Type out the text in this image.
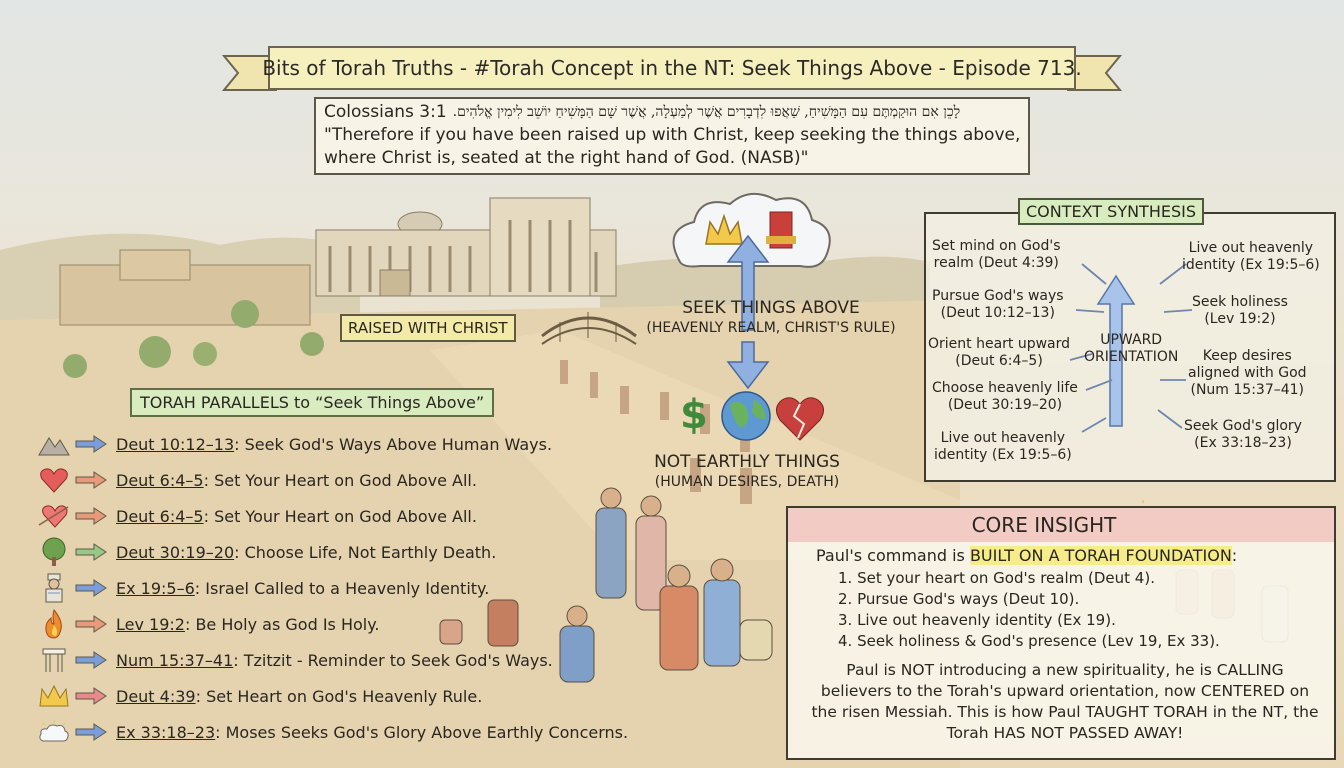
Bits of Torah Truths - #Torah Concept in the NT: Seek Things Above - Episode 713.
Colossians 3:1 לָכֵן אִם הוּקַמְתֶּם עִם הַמָּשִׁיחַ, שַׁאֲפוּ לִדְבָרִים אֲשֶׁר לְמַעְלָה, אֲשֶׁר שָׁם הַמָּשִׁיחַ יוֹשֵׁב לִימִין אֱלֹהִים.
"Therefore if you have been raised up with Christ, keep seeking the things above,
where Christ is, seated at the right hand of God. (NASB)"
RAISED WITH CHRIST
SEEK THINGS ABOVE
(HEAVENLY REALM, CHRIST'S RULE)
$
NOT EARTHLY THINGS
(HUMAN DESIRES, DEATH)
TORAH PARALLELS to “Seek Things Above”
Deut 10:12–13 : Seek God's Ways Above Human Ways.
Deut 6:4–5 : Set Your Heart on God Above All.
Deut 6:4–5 : Set Your Heart on God Above All.
Deut 30:19–20 : Choose Life, Not Earthly Death.
Ex 19:5–6 : Israel Called to a Heavenly Identity.
Lev 19:2 : Be Holy as God Is Holy.
Num 15:37–41 : Tzitzit - Reminder to Seek God's Ways.
Deut 4:39 : Set Heart on God's Heavenly Rule.
Ex 33:18–23 : Moses Seeks God's Glory Above Earthly Concerns.
Set mind on God's
realm (Deut 4:39)
Pursue God's ways
(Deut 10:12–13)
Orient heart upward
(Deut 6:4–5)
Choose heavenly life
(Deut 30:19–20)
Live out heavenly
identity (Ex 19:5–6)
Live out heavenly
identity (Ex 19:5–6)
Seek holiness
(Lev 19:2)
Keep desires
aligned with God
(Num 15:37–41)
Seek God's glory
(Ex 33:18–23)
UPWARD
ORIENTATION
CONTEXT SYNTHESIS
CORE INSIGHT
Paul's command is BUILT ON A TORAH FOUNDATION:
1. Set your heart on God's realm (Deut 4).
2. Pursue God's ways (Deut 10).
3. Live out heavenly identity (Ex 19).
4. Seek holiness & God's presence (Lev 19, Ex 33).
Paul is NOT introducing a new spirituality, he is CALLING believers to the Torah's upward orientation, now CENTERED on the risen Messiah. This is how Paul TAUGHT TORAH in the NT, the Torah HAS NOT PASSED AWAY!
